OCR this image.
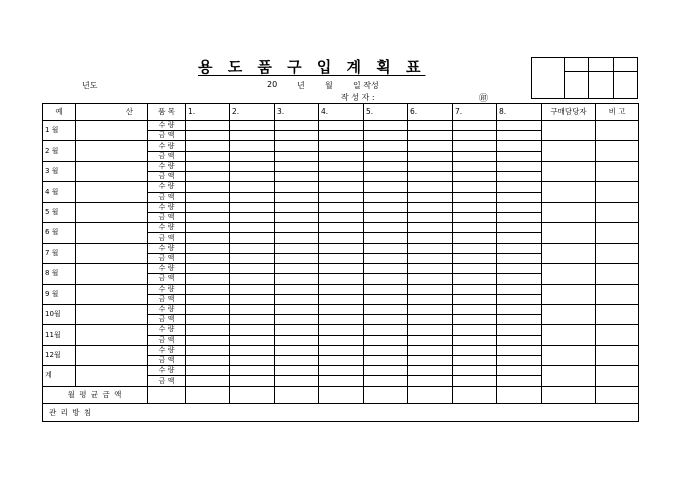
용 도 품 구 입 계 획 표
년도	20 년	월	일 작성
작 성 자 :	㊞

예	산	품 목	1.	2.	3.	4.	5.	6.	7.	8.	구매담당자	비 고
1 월		수 량										
		금 액										
2 월		수 량										
		금 액										
3 월		수 량										
		금 액										
4 월		수 량										
		금 액										
5 월		수 량										
		금 액										
6 월		수 량										
		금 액										
7 월		수 량										
		금 액										
8 월		수 량										
		금 액										
9 월		수 량										
		금 액										
10월		수 량										
		금 액										
11월		수 량										
		금 액										
12월		수 량										
		금 액										
계		수 량										
		금 액										
월 평 균 금 액												
관 리 방 침												
